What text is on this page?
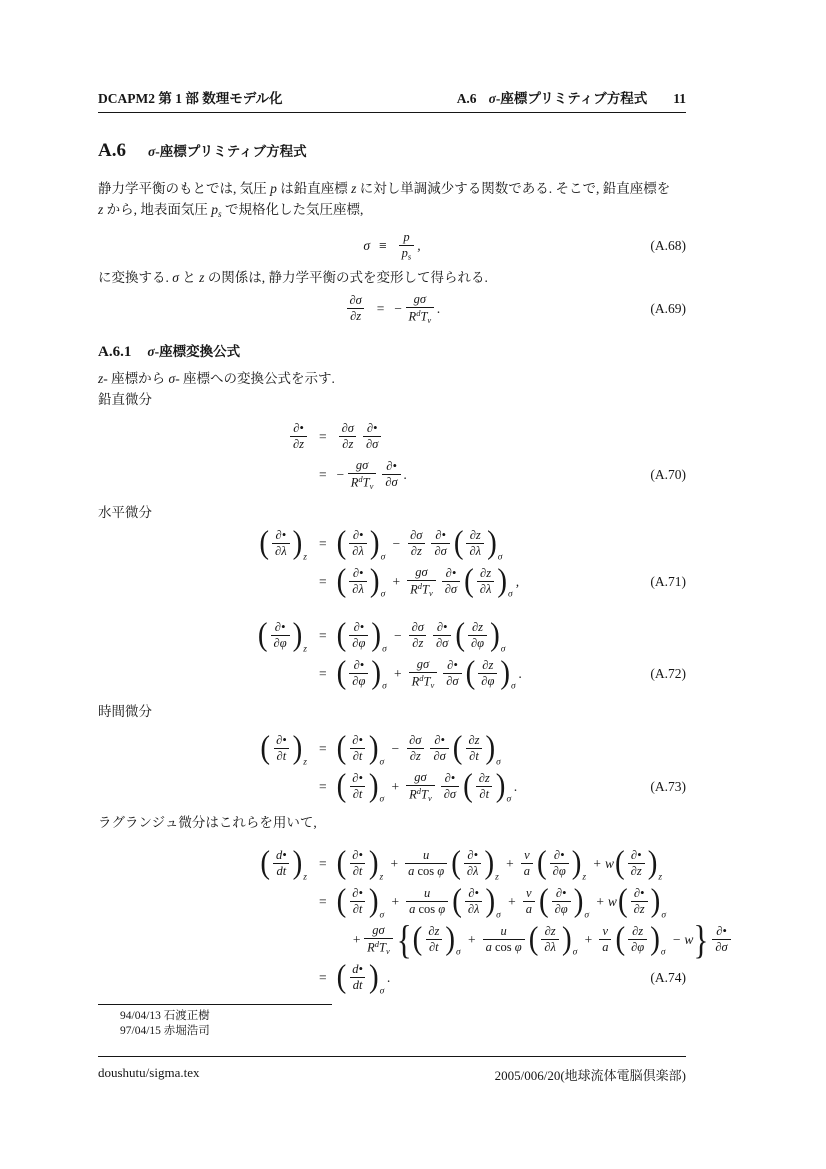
DCAPM2 第 1 部 数理モデル化	A.6 σ-座標プリミティブ方程式 11
A.6 σ-座標プリミティブ方程式

静力学平衡のもとでは, 気圧 p は鉛直座標 z に対し単調減少する関数である. そこで, 鉛直座標を

z から, 地表面気圧 $p_s$ で規格化した気圧座標,

$\sigma \equiv \frac{p}{p_s}$ ,	(A.68)

に変換する. σ と z の関係は, 静力学平衡の式を変形して得られる.

$\frac{\partial\sigma}{\partial z}$ = − $\frac{g\sigma}{R^dT_v}$ .	(A.69)
A.6.1 σ-座標変換公式

z- 座標から σ- 座標への変換公式を示す.

鉛直微分

$\frac{\partial•}{\partial z} = \frac{\partial\sigma}{\partial z} \frac{\partial•}{\partial\sigma}$
= − $\frac{g\sigma}{R^dT_v} \frac{\partial•}{\partial\sigma}$ .	(A.70)

水平微分

( $\frac{\partial•}{\partial\lambda}$ ) z
= ( $\frac{\partial•}{\partial\lambda}$ ) σ
− $\frac{\partial\sigma}{\partial z} \frac{\partial•}{\partial\sigma}$ ( $\frac{\partial z}{\partial\lambda}$ ) σ
= ( $\frac{\partial•}{\partial\lambda}$ ) σ
+ $\frac{g\sigma}{R^dT_v} \frac{\partial•}{\partial\sigma}$ ( $\frac{\partial z}{\partial\lambda}$ ) σ
,	(A.71)
( $\frac{\partial•}{\partial\varphi}$ ) z
= ( $\frac{\partial•}{\partial\varphi}$ ) σ
− $\frac{\partial\sigma}{\partial z} \frac{\partial•}{\partial\sigma}$ ( $\frac{\partial z}{\partial\varphi}$ ) σ
= ( $\frac{\partial•}{\partial\varphi}$ ) σ
+ $\frac{g\sigma}{R^dT_v} \frac{\partial•}{\partial\sigma}$ ( $\frac{\partial z}{\partial\varphi}$ ) σ
.	(A.72)

時間微分

( $\frac{\partial•}{\partial t}$ ) z
= ( $\frac{\partial•}{\partial t}$ ) σ
− $\frac{\partial\sigma}{\partial z} \frac{\partial•}{\partial\sigma}$ ( $\frac{\partial z}{\partial t}$ ) σ
= ( $\frac{\partial•}{\partial t}$ ) σ
+ $\frac{g\sigma}{R^dT_v} \frac{\partial•}{\partial\sigma}$ ( $\frac{\partial z}{\partial t}$ ) σ
.	(A.73)

ラグランジュ微分はこれらを用いて,

( $\frac{d•}{dt}$ ) z
= ( $\frac{\partial•}{\partial t}$ ) z
+ $\frac{u}{\text{a cos φ}}$ ( $\frac{\partial•}{\partial\lambda}$ ) z
+ $\frac{v}{a}$ ( $\frac{\partial•}{\partial\varphi}$ ) z
+ w ( $\frac{\partial•}{\partial z}$ ) z
= ( $\frac{\partial•}{\partial t}$ ) σ
+ $\frac{u}{\text{a cos φ}}$ ( $\frac{\partial•}{\partial\lambda}$ ) σ
+ $\frac{v}{a}$ ( $\frac{\partial•}{\partial\varphi}$ ) σ
+ w ( $\frac{\partial•}{\partial z}$ ) σ
+ $\frac{g\sigma}{R^dT_v}$ { ( $\frac{\partial z}{\partial t}$ ) σ
+ $\frac{u}{\text{a cos φ}}$ ( $\frac{\partial z}{\partial\lambda}$ ) σ
+ $\frac{v}{a}$ ( $\frac{\partial z}{\partial\varphi}$ ) σ
− w } $\frac{\partial•}{\partial\sigma}$
= ( $\frac{d•}{dt}$ ) σ
.	(A.74)
94/04/13 石渡正樹
97/04/15 赤堀浩司
doushutu/sigma.tex	2005/006/20(地球流体電脳倶楽部)
